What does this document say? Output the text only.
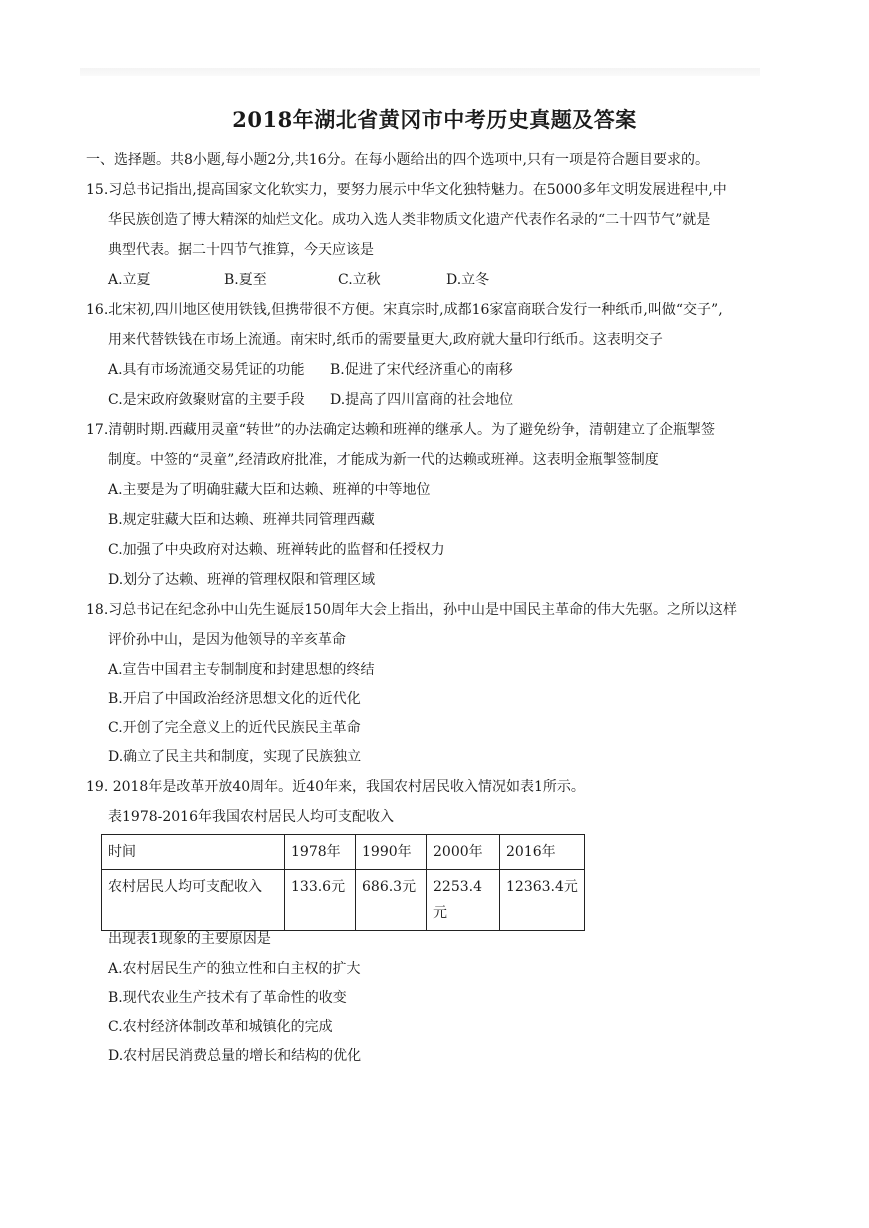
2018年湖北省黄冈市中考历史真题及答案
一、选择题。共8小题,每小题2分,共16分。在每小题给出的四个选项中,只有一项是符合题目要求的。
15.习总书记指出,提高国家文化软实力，要努力展示中华文化独特魅力。在5000多年文明发展进程中,中
华民族创造了博大精深的灿烂文化。成功入选人类非物质文化遗产代表作名录的“二十四节气”就是
典型代表。据二十四节气推算，今天应该是
A.立夏	B.夏至	C.立秋	D.立冬
16.北宋初,四川地区使用铁钱,但携带很不方便。宋真宗时,成都16家富商联合发行一种纸币,叫做“交子”,
用来代替铁钱在市场上流通。南宋时,纸币的需要量更大,政府就大量印行纸币。这表明交子
A.具有市场流通交易凭证的功能 B.促进了宋代经济重心的南移
C.是宋政府敛聚财富的主要手段 D.提高了四川富商的社会地位
17.清朝时期.西藏用灵童“转世”的办法确定达赖和班禅的继承人。为了避免纷争，清朝建立了企瓶掣签
制度。中签的“灵童”,经清政府批准，才能成为新一代的达赖或班禅。这表明金瓶掣签制度
A.主要是为了明确驻藏大臣和达赖、班禅的中等地位
B.规定驻藏大臣和达赖、班禅共同管理西藏
C.加强了中央政府对达赖、班禅转此的监督和任授权力
D.划分了达赖、班禅的管理权限和管理区域
18.习总书记在纪念孙中山先生诞辰150周年大会上指出，孙中山是中国民主革命的伟大先驱。之所以这样
评价孙中山，是因为他领导的辛亥革命
A.宣告中国君主专制制度和封建思想的终结
B.开启了中国政治经济思想文化的近代化
C.开创了完全意义上的近代民族民主革命
D.确立了民主共和制度，实现了民族独立
19. 2018年是改革开放40周年。近40年来，我国农村居民收入情况如表1所示。
表1978-2016年我国农村居民人均可支配收入
时间	1978年	1990年	2000年	2016年
农村居民人均可支配收入	133.6元	686.3元	2253.4元	12363.4元
出现表1现象的主要原因是
A.农村居民生产的独立性和白主权的扩大
B.现代农业生产技术有了革命性的收变
C.农村经济体制改革和城镇化的完成
D.农村居民消费总量的增长和结构的优化
